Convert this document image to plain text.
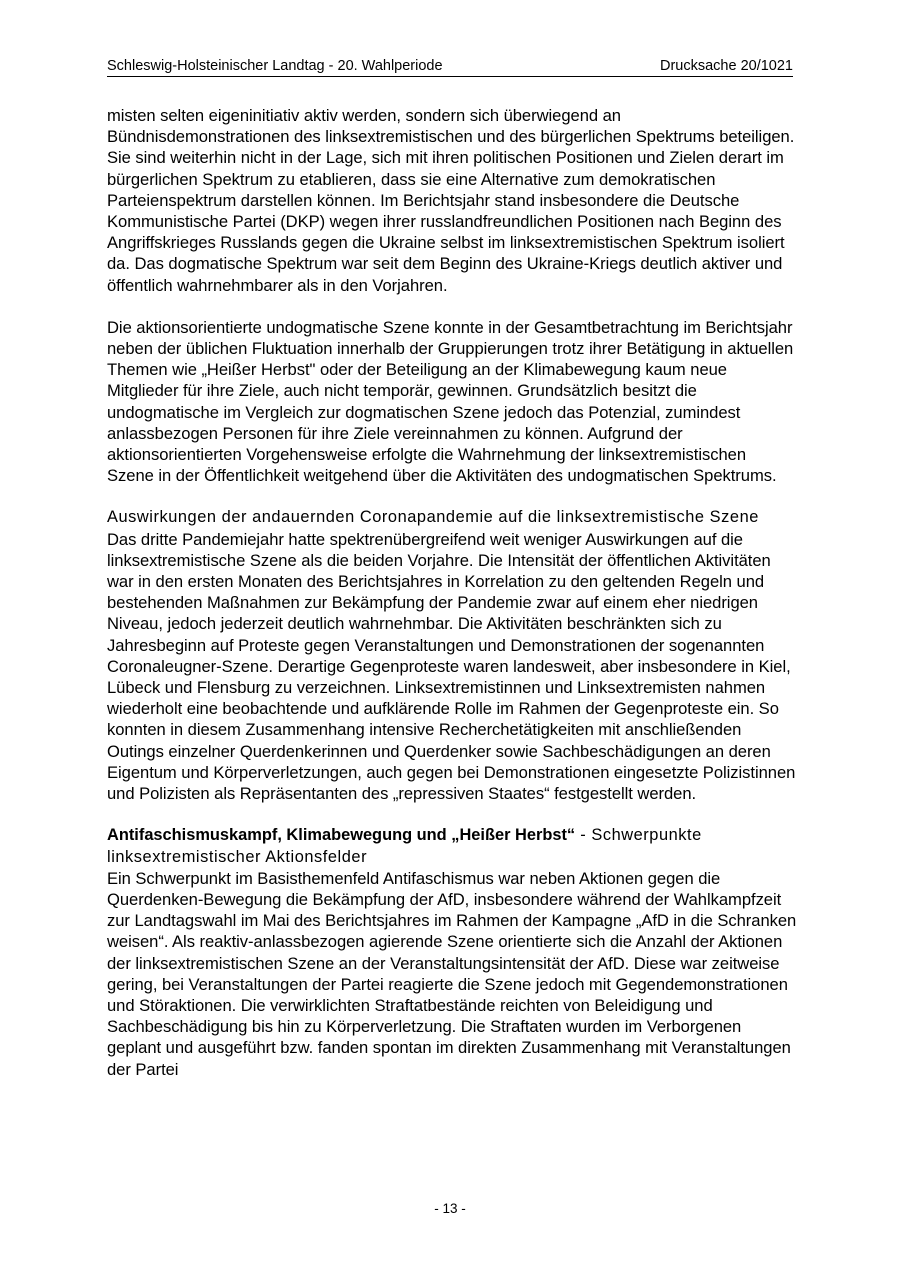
Schleswig-Holsteinischer Landtag - 20. Wahlperiode	Drucksache 20/1021

misten selten eigeninitiativ aktiv werden, sondern sich überwiegend an Bündnisdemonstrationen des linksextremistischen und des bürgerlichen Spektrums beteiligen. Sie sind weiterhin nicht in der Lage, sich mit ihren politischen Positionen und Zielen derart im bürgerlichen Spektrum zu etablieren, dass sie eine Alternative zum demokratischen Parteienspektrum darstellen können. Im Berichtsjahr stand insbesondere die Deutsche Kommunistische Partei (DKP) wegen ihrer russlandfreundlichen Positionen nach Beginn des Angriffskrieges Russlands gegen die Ukraine selbst im linksextremistischen Spektrum isoliert da. Das dogmatische Spektrum war seit dem Beginn des Ukraine-Kriegs deutlich aktiver und öffentlich wahrnehmbarer als in den Vorjahren.

Die aktionsorientierte undogmatische Szene konnte in der Gesamtbetrachtung im Berichtsjahr neben der üblichen Fluktuation innerhalb der Gruppierungen trotz ihrer Betätigung in aktuellen Themen wie „Heißer Herbst" oder der Beteiligung an der Klimabewegung kaum neue Mitglieder für ihre Ziele, auch nicht temporär, gewinnen. Grundsätzlich besitzt die undogmatische im Vergleich zur dogmatischen Szene jedoch das Potenzial, zumindest anlassbezogen Personen für ihre Ziele vereinnahmen zu können. Aufgrund der aktionsorientierten Vorgehensweise erfolgte die Wahrnehmung der linksextremistischen Szene in der Öffentlichkeit weitgehend über die Aktivitäten des undogmatischen Spektrums.

Auswirkungen der andauernden Coronapandemie auf die linksextremistische Szene

Das dritte Pandemiejahr hatte spektrenübergreifend weit weniger Auswirkungen auf die linksextremistische Szene als die beiden Vorjahre. Die Intensität der öffentlichen Aktivitäten war in den ersten Monaten des Berichtsjahres in Korrelation zu den geltenden Regeln und bestehenden Maßnahmen zur Bekämpfung der Pandemie zwar auf einem eher niedrigen Niveau, jedoch jederzeit deutlich wahrnehmbar. Die Aktivitäten beschränkten sich zu Jahresbeginn auf Proteste gegen Veranstaltungen und Demonstrationen der sogenannten Coronaleugner-Szene. Derartige Gegenproteste waren landesweit, aber insbesondere in Kiel, Lübeck und Flensburg zu verzeichnen. Linksextremistinnen und Linksextremisten nahmen wiederholt eine beobachtende und aufklärende Rolle im Rahmen der Gegenproteste ein. So konnten in diesem Zusammenhang intensive Recherchetätigkeiten mit anschließenden Outings einzelner Querdenkerinnen und Querdenker sowie Sachbeschädigungen an deren Eigentum und Körperverletzungen, auch gegen bei Demonstrationen eingesetzte Polizistinnen und Polizisten als Repräsentanten des „repressiven Staates“ festgestellt werden.

Antifaschismuskampf, Klimabewegung und „Heißer Herbst“ - Schwerpunkte linksextremistischer Aktionsfelder

Ein Schwerpunkt im Basisthemenfeld Antifaschismus war neben Aktionen gegen die Querdenken-Bewegung die Bekämpfung der AfD, insbesondere während der Wahlkampfzeit zur Landtagswahl im Mai des Berichtsjahres im Rahmen der Kampagne „AfD in die Schranken weisen“. Als reaktiv-anlassbezogen agierende Szene orientierte sich die Anzahl der Aktionen der linksextremistischen Szene an der Veranstaltungsintensität der AfD. Diese war zeitweise gering, bei Veranstaltungen der Partei reagierte die Szene jedoch mit Gegendemonstrationen und Störaktionen. Die verwirklichten Straftatbestände reichten von Beleidigung und Sachbeschädigung bis hin zu Körperverletzung. Die Straftaten wurden im Verborgenen geplant und ausgeführt bzw. fanden spontan im direkten Zusammenhang mit Veranstaltungen der Partei

- 13 -
